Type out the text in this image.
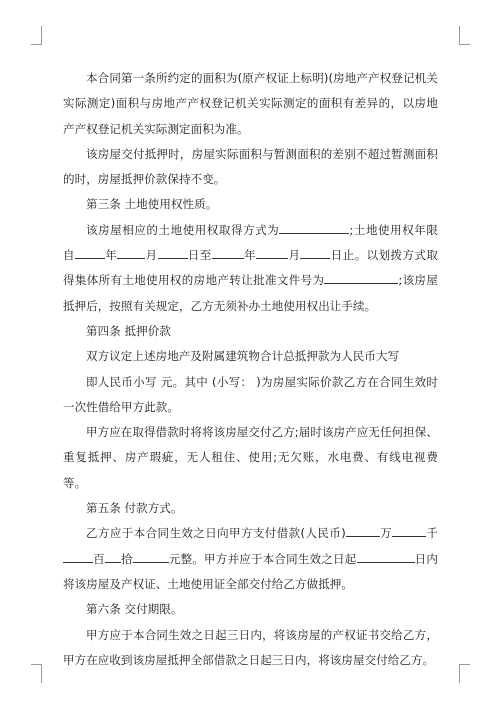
本合同第一条所约定的面积为(原产权证上标明)(房地产产权登记机关实际测定)面积与房地产产权登记机关实际测定的面积有差异的，以房地产产权登记机关实际测定面积为准。

该房屋交付抵押时，房屋实际面积与暂测面积的差别不超过暂测面积的时，房屋抵押价款保持不变。

第三条 土地使用权性质。

该房屋相应的土地使用权取得方式为	;土地使用权年限自	年 月	日至	年	月	日止。以划拨方式取得集体所有土地使用权的房地产转让批准文件号为	;该房屋抵押后，按照有关规定，乙方无须补办土地使用权出让手续。

第四条 抵押价款

双方议定上述房地产及附属建筑物合计总抵押款为人民币大写

即人民币小写 元。其中 (小写： )为房屋实际价款乙方在合同生效时一次性借给甲方此款。

甲方应在取得借款时将将该房屋交付乙方;届时该房产应无任何担保、重复抵押、房产瑕疵，无人租住、使用;无欠账，水电费、有线电视费等。

第五条 付款方式。

乙方应于本合同生效之日向甲方支付借款(人民币)	万	千百 拾	元整。甲方并应于本合同生效之日起	日内将该房屋及产权证、土地使用证全部交付给乙方做抵押。

第六条 交付期限。

甲方应于本合同生效之日起三日内，将该房屋的产权证书交给乙方，甲方在应收到该房屋抵押全部借款之日起三日内，将该房屋交付给乙方。
